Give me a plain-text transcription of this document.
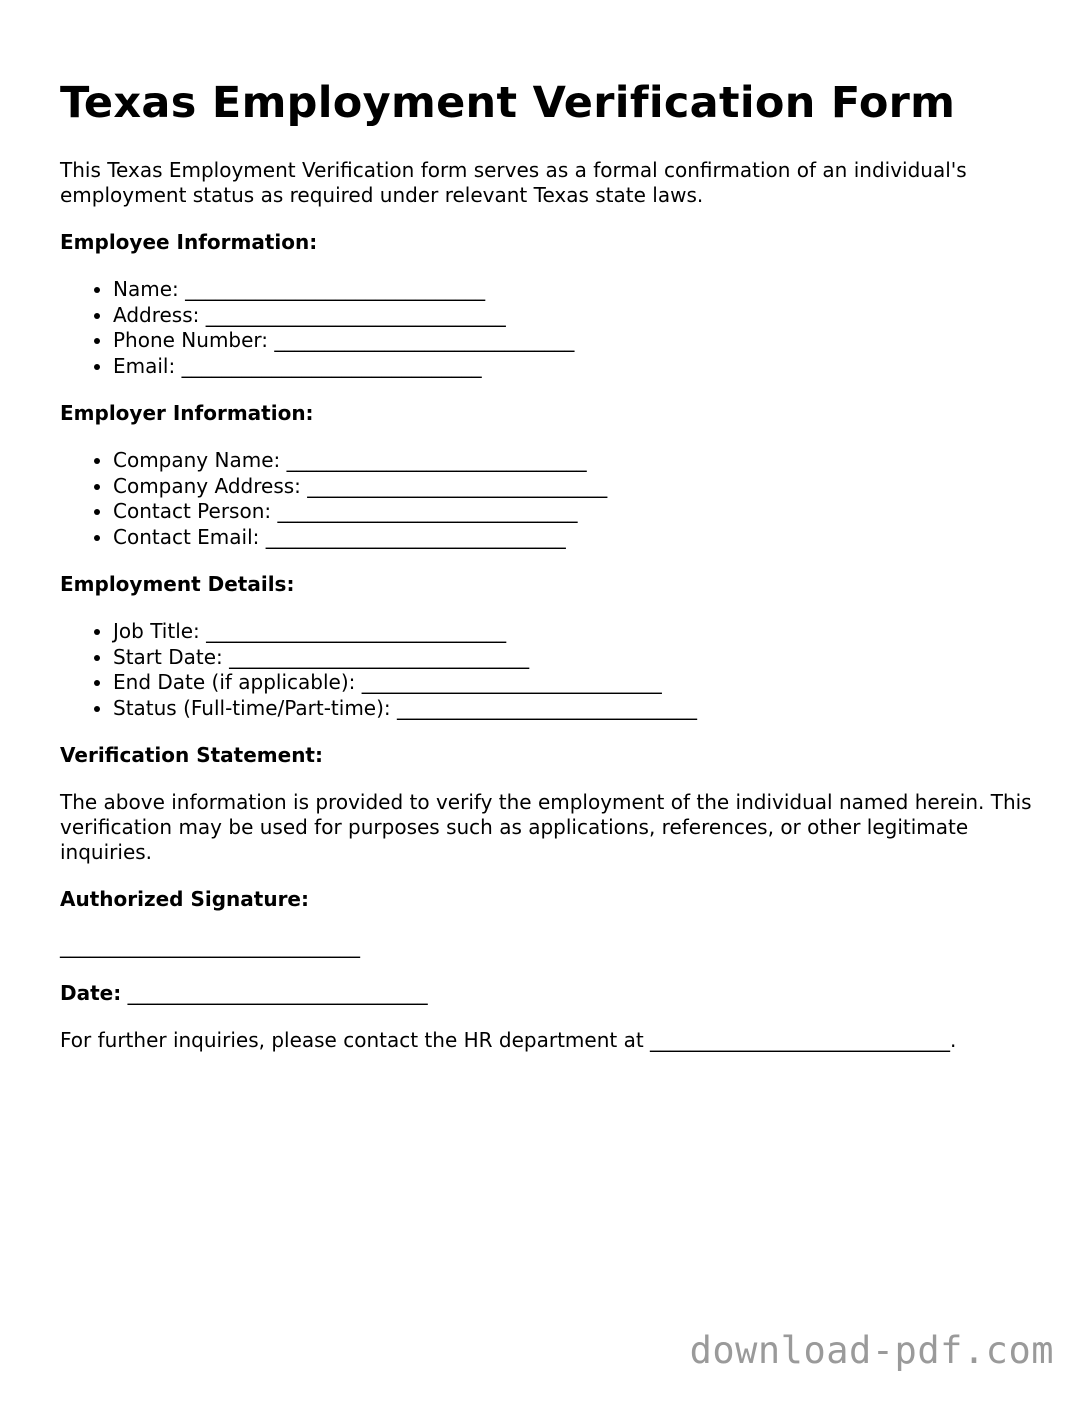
Texas Employment Verification Form

This Texas Employment Verification form serves as a formal confirmation of an individual's employment status as required under relevant Texas state laws.

Employee Information:
• Name: ______________________________
• Address: ______________________________
• Phone Number: ______________________________
• Email: ______________________________
Employer Information:
• Company Name: ______________________________
• Company Address: ______________________________
• Contact Person: ______________________________
• Contact Email: ______________________________
Employment Details:
• Job Title: ______________________________
• Start Date: ______________________________
• End Date (if applicable): ______________________________
• Status (Full-time/Part-time): ______________________________
Verification Statement:

The above information is provided to verify the employment of the individual named herein. This verification may be used for purposes such as applications, references, or other legitimate inquiries.

Authorized Signature:
______________________________
Date: ______________________________

For further inquiries, please contact the HR department at ______________________________.

download-pdf.com
